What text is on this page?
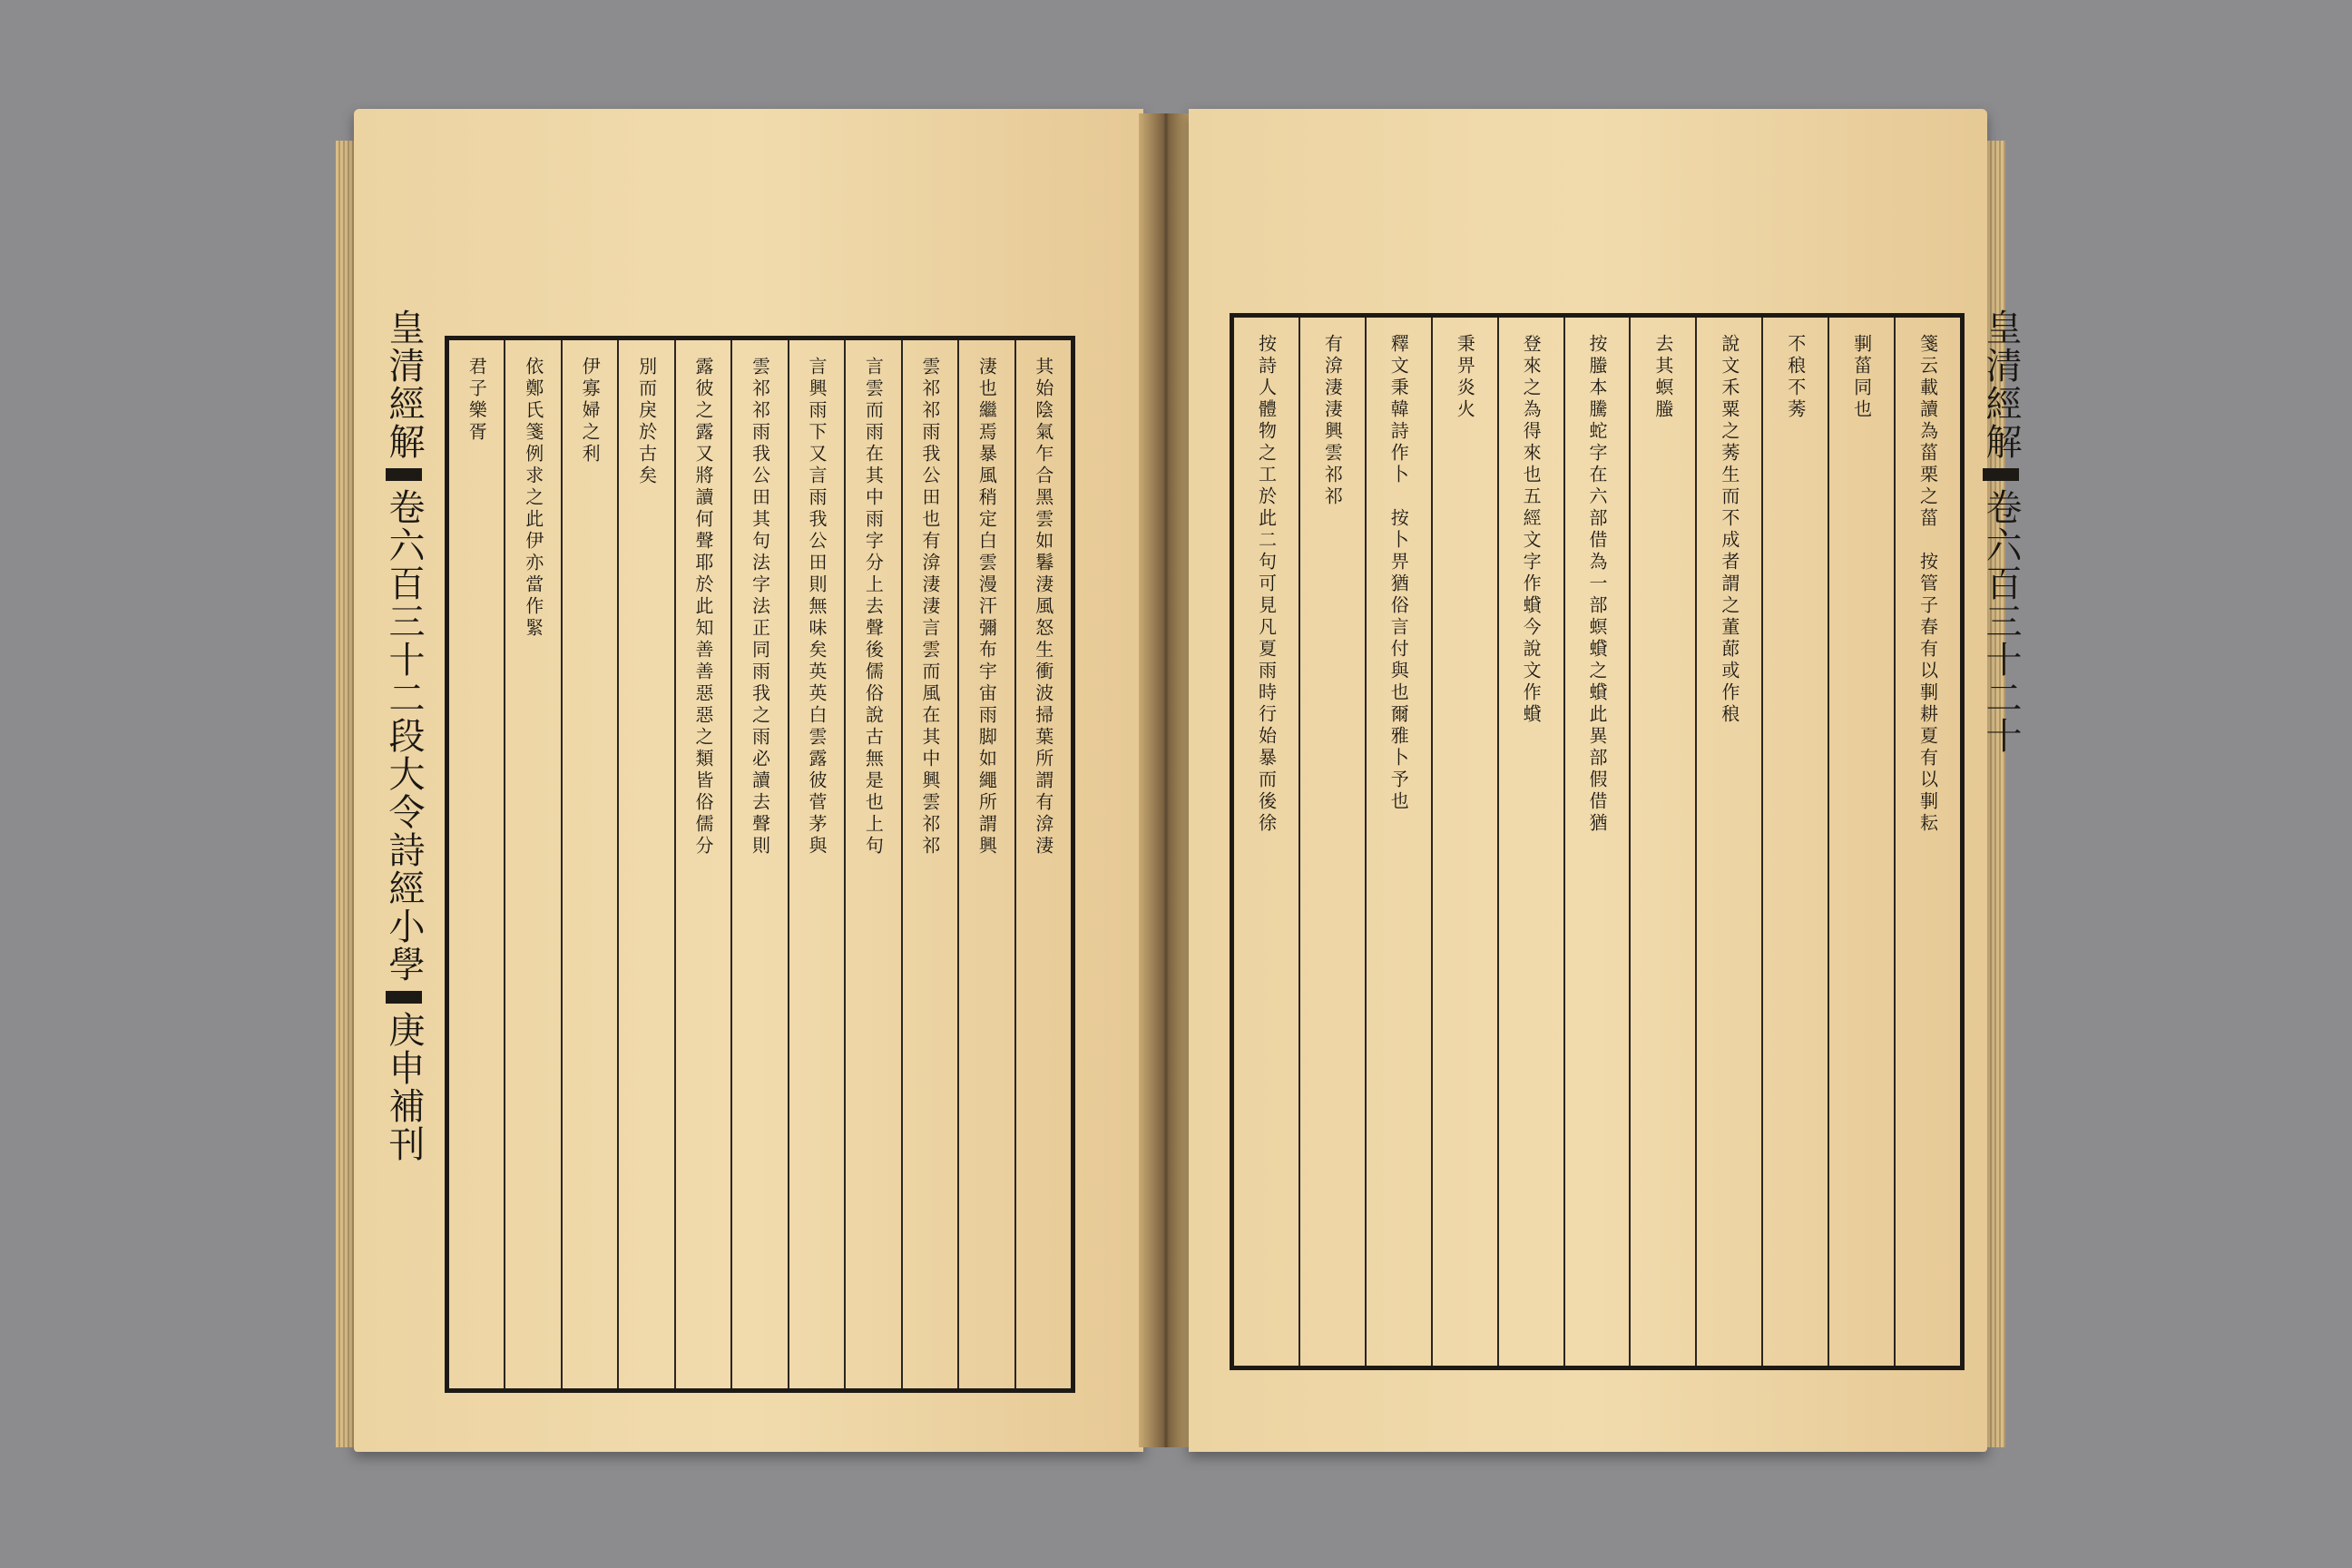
皇清經解
卷六百三十二
段大令詩經小學
庚申補刊
其始陰氣乍合黑雲如鬊淒風怒生衝波掃葉所謂有渰淒
淒也繼焉暴風稍定白雲漫汗彌布宇宙雨脚如繩所謂興
雲祁祁雨我公田也有渰淒淒言雲而風在其中興雲祁祁
言雲而雨在其中雨字分上去聲後儒俗說古無是也上句
言興雨下又言雨我公田則無味矣英英白雲露彼菅茅與
雲祁祁雨我公田其句法字法正同雨我之雨必讀去聲則
露彼之露又將讀何聲耶於此知善善惡惡之類皆俗儒分
別而戾於古矣
伊寡婦之利
依鄭氏箋例求之此伊亦當作緊
君子樂胥	箋云載讀為菑栗之菑　按管子春有以剚耕夏有以剚耘
剚菑同也
不稂不莠
說文禾粟之莠生而不成者謂之董蓈或作稂
去其螟螣
按螣本騰蛇字在六部借為一部螟蟘之蟘此異部假借猶
登來之為得來也五經文字作蟘今說文作蟘
秉畀炎火
釋文秉韓詩作卜　按卜畀猶俗言付與也爾雅卜予也
有渰淒淒興雲祁祁
按詩人體物之工於此二句可見凡夏雨時行始暴而後徐	皇清經解
卷六百三十二
十
